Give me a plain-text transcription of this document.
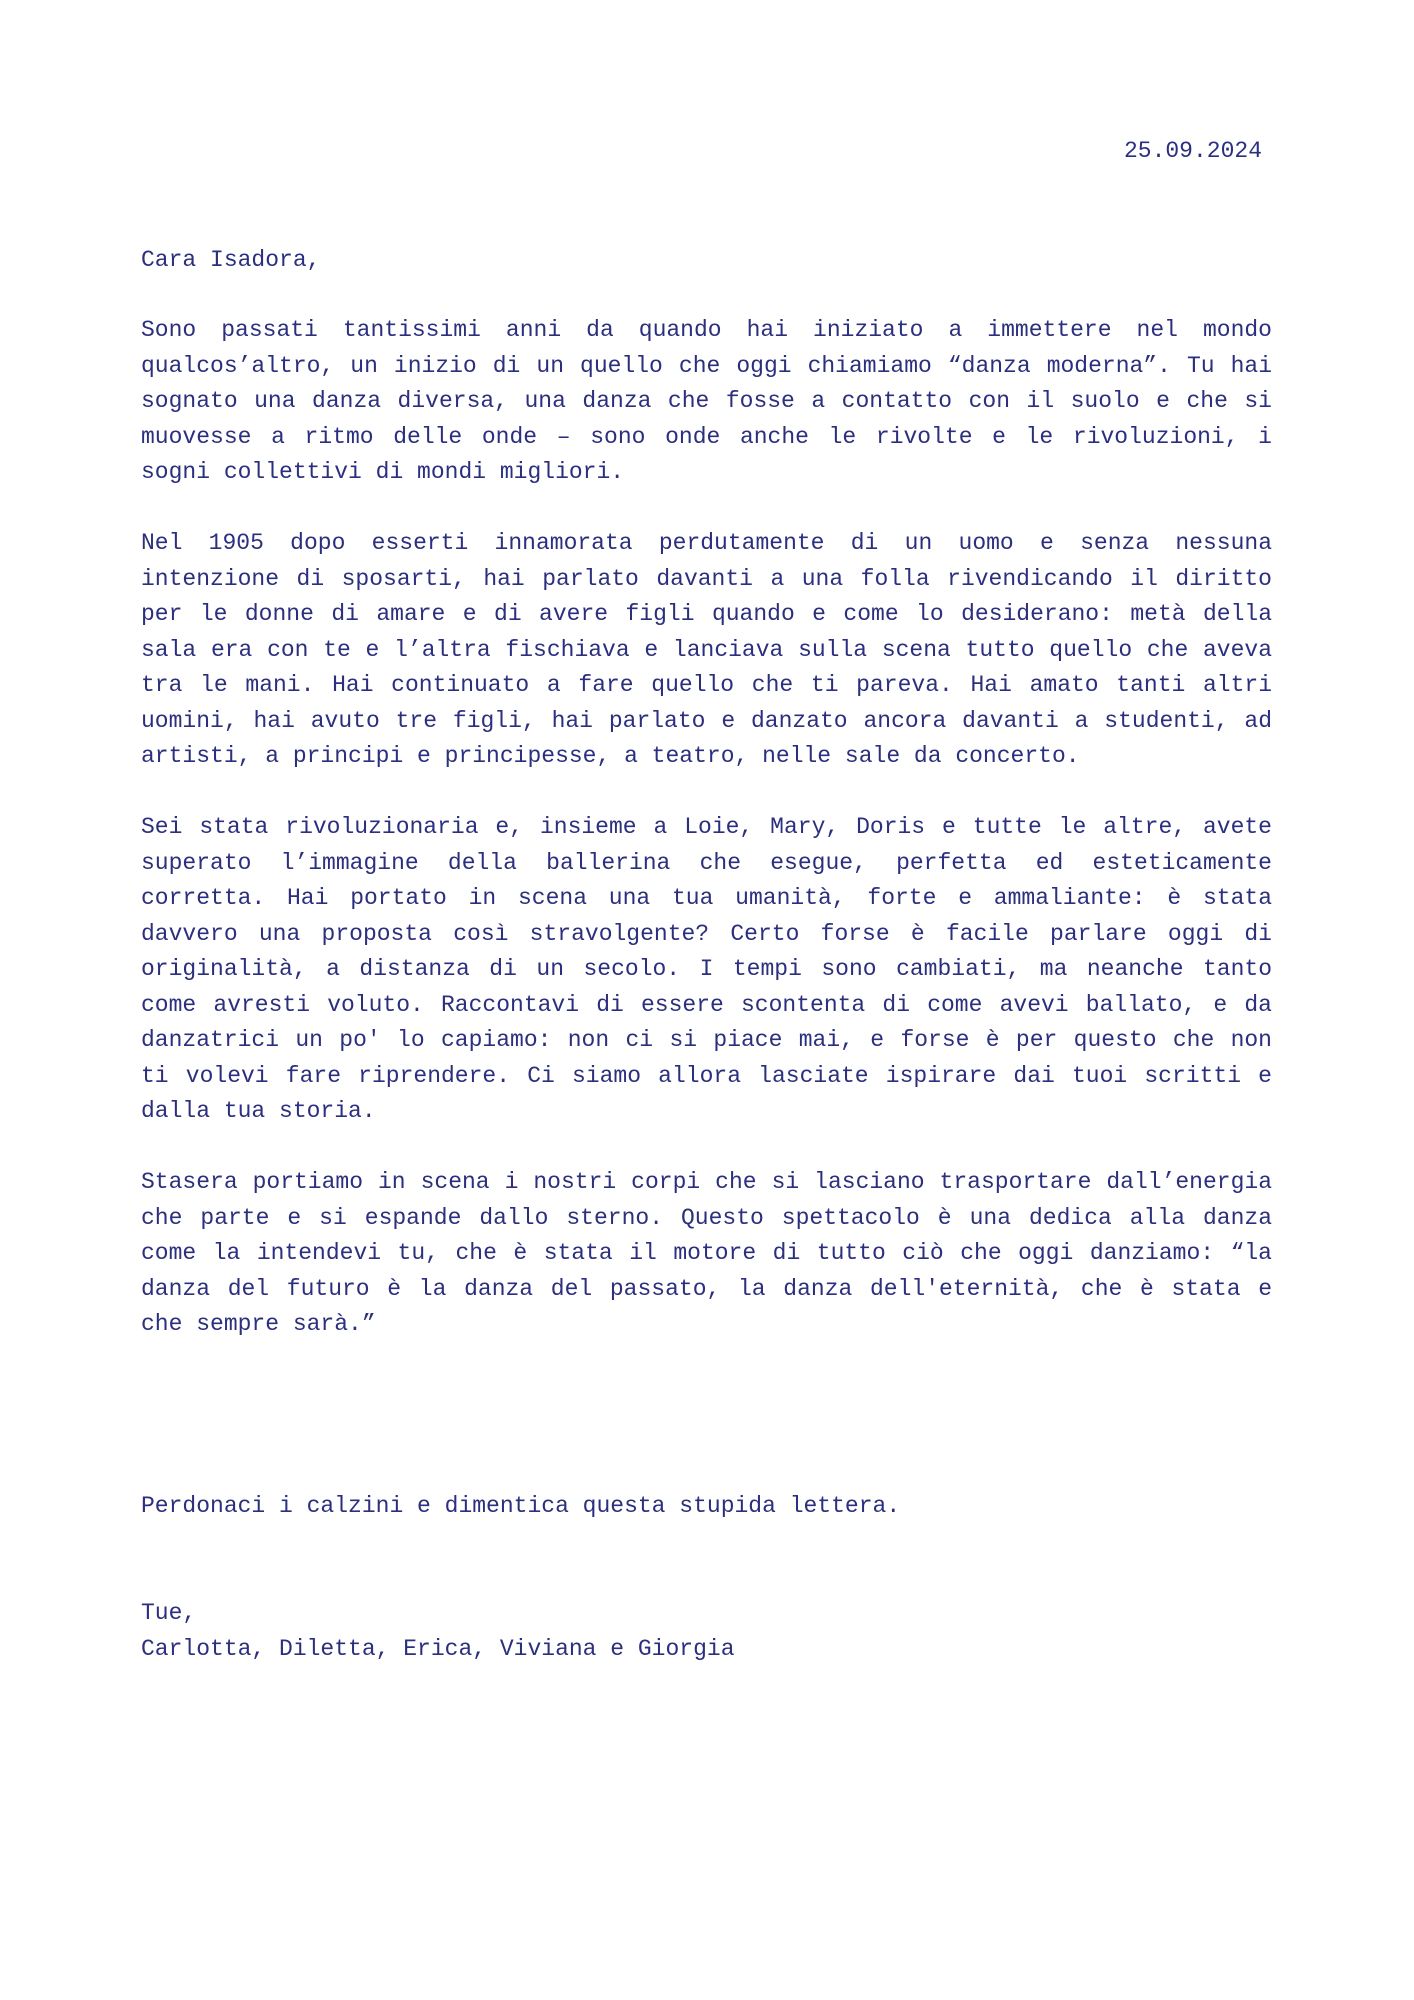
25.09.2024
Cara Isadora,

Sono passati tantissimi anni da quando hai iniziato a immettere nel mondo qualcos’altro, un inizio di un quello che oggi chiamiamo “danza moderna”. Tu hai sognato una danza diversa, una danza che fosse a contatto con il suolo e che si muovesse a ritmo delle onde – sono onde anche le rivolte e le rivoluzioni, i sogni collettivi di mondi migliori.

Nel 1905 dopo esserti innamorata perdutamente di un uomo e senza nessuna intenzione di sposarti, hai parlato davanti a una folla rivendicando il diritto per le donne di amare e di avere figli quando e come lo desiderano: metà della sala era con te e l’altra fischiava e lanciava sulla scena tutto quello che aveva tra le mani. Hai continuato a fare quello che ti pareva. Hai amato tanti altri uomini, hai avuto tre figli, hai parlato e danzato ancora davanti a studenti, ad artisti, a principi e principesse, a teatro, nelle sale da concerto.

Sei stata rivoluzionaria e, insieme a Loie, Mary, Doris e tutte le altre, avete superato l’immagine della ballerina che esegue, perfetta ed esteticamente corretta. Hai portato in scena una tua umanità, forte e ammaliante: è stata davvero una proposta così stravolgente? Certo forse è facile parlare oggi di originalità, a distanza di un secolo. I tempi sono cambiati, ma neanche tanto come avresti voluto. Raccontavi di essere scontenta di come avevi ballato, e da danzatrici un po' lo capiamo: non ci si piace mai, e forse è per questo che non ti volevi fare riprendere. Ci siamo allora lasciate ispirare dai tuoi scritti e dalla tua storia.

Stasera portiamo in scena i nostri corpi che si lasciano trasportare dall’energia che parte e si espande dallo sterno. Questo spettacolo è una dedica alla danza come la intendevi tu, che è stata il motore di tutto ciò che oggi danziamo: “la danza del futuro è la danza del passato, la danza dell'eternità, che è stata e che sempre sarà.”

Perdonaci i calzini e dimentica questa stupida lettera.
Tue,
Carlotta, Diletta, Erica, Viviana e Giorgia
